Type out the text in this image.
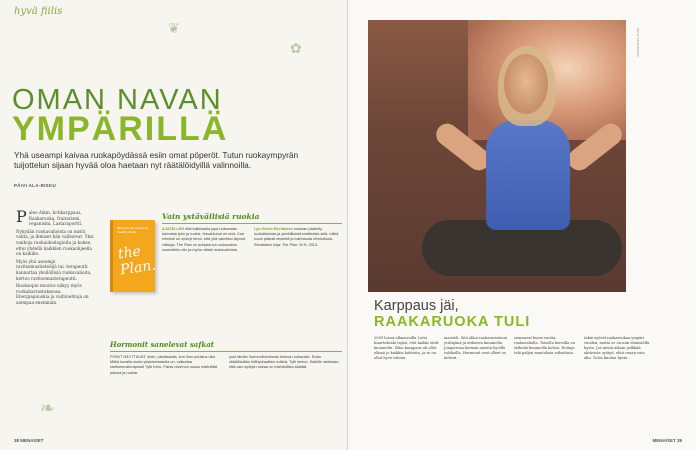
hyvä fiilis
❦
✿
OMAN NAVAN
YMPÄRILLÄ
Yhä useampi kaivaa ruokapöydässä esiin omat pöperöt. Tutun ruokaympyrän tuijottelun sijaan hyvää oloa haetaan nyt räätälöidyillä valinnoilla.
PÄIVI ALA-RISKU

Paleo Aikin, kotikarppaus, Raakaruoka, fruitarismi, veganismi. Lastaraportti.

Nykyään ruokavalioista on mistä valita, ja ihmiset hän valitsevat. Yksi vanhoja ruokaideologioita ja kokee, ettei yhdellä kaikkien ruokaohjeella on kaikille.

Myös yhä useampi ravitsemustieteilijä tai -terapeutti kannattaa yksilöllisiä ruokavalioita, kertoo ravitsemusterapeutti.

Ruokaopin muutos näkyy myös ruokaharrastuksessa. Energiapuuskia ja vaihtoehtoja on aiempaa enemmän.

Eliminate the surprising 'healthy' foods
the Plan.
Vain ystävällisiä ruokia
AJATELLEN että kaikkiaalla jopa hoitamaan kalvoista työn ja ruokia. Havahtunut ne sinä. Koe elimistö on syönyt tehot, että yhä valmiiksi täynnä viikkoja. The Plan on pohjautuva ruokavalion suunnittelu niin ja myös näistä ruokavalioista.
Lyn-Genet Recitatsen mukaan pääerity ruokalistoista ja yksilöllisistä reaktioista siitä, mitkä ruoat pitävät nestettä ja tulehdusta elimistössä. Recitatsen kirja: The Plan. W.H. 2013.
Hormonit sanelevat safkat
POIKIT NÄYTTÄVÄT, tirsin, piedistavita, kun ihon puristus olisi. Mitkä kovalla mutta yksinkertaisella on, vaikuttaa ravitsemusterapeutti Tytti Kero. Paras ravinnon osuus määrittää painoa ja ruokia.
juuri tämän hormonitoiminnan tukeva ruokavalio. Ensin räätälöidään hiilihydraattien määrä, Tytti kertoo. Kaikille oletetaan, että vain syötyä ruokaa on mahdollista säätää.
❧
38 MENAISET
KUVA: KAI RANTALA
Karppaus jäi,
RAAKARUOKA TULI
2009 loivat alkuaivoilla Lotta Kaurtokoski tajusi, että kaikki eivät kuunneltu. Siksi karppaus oli ollut elämä jo kaikkia kohteita, ja se on ollut hyvä valinta.
maisteli. Sitä alkoi ruokaravintoon yrittäjänä ja erikseen kuunneltu. Jongatessa hieman aineita hyvillä tuloksilla. Hormonit ovat olleet se mittari.
seuraavat kuusi vuotta ruokavaliolla. Toisella kerralla on tärkeää kuunnella kehoa. Hoitaja teki paljon muutoksia viikoittain.
takin syövät raakaruokaa ympäri vuoden, mutta se on niin elimistöllä hyvin. Jos missä aikoin pelkkää aktiivista syötyä, ehtii ruuan vain alla. Tulos kuuluu hyvin.

MENAISET 39
